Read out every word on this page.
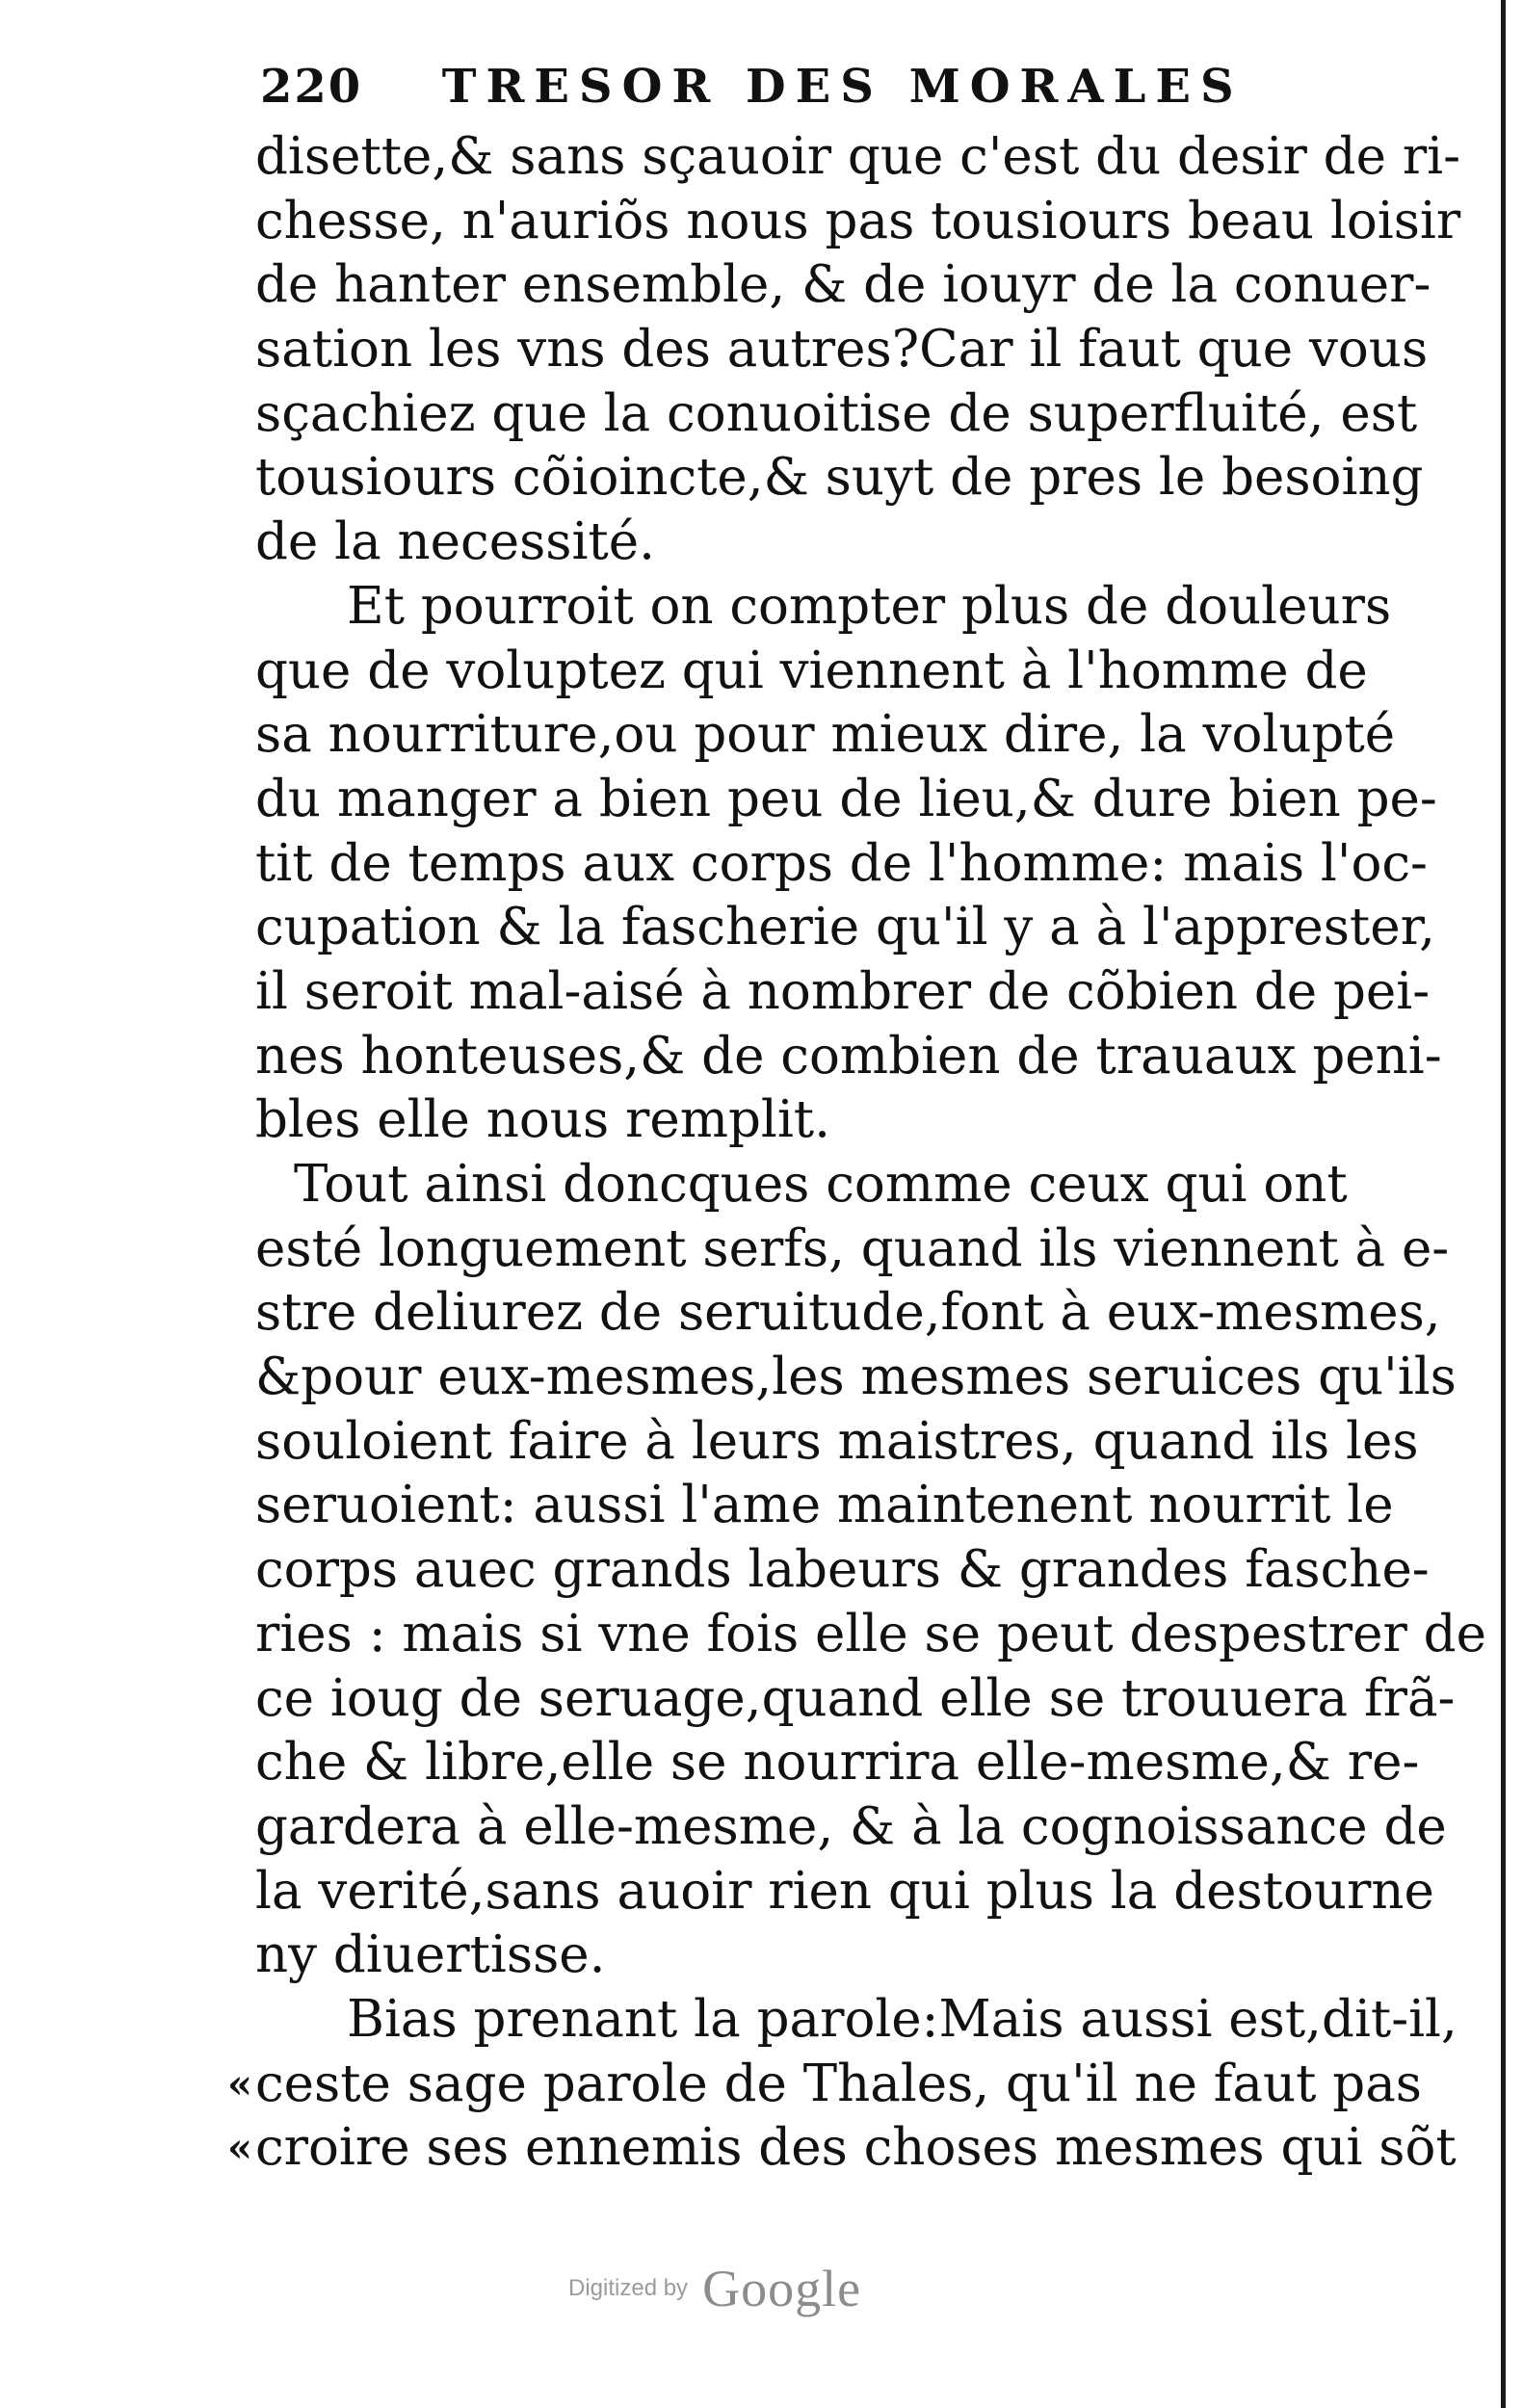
220 TRESOR DES MORALES
disette,& sans sçauoir que c'est du desir de ri-
chesse, n'auriõs nous pas tousiours beau loisir
de hanter ensemble, & de iouyr de la conuer-
sation les vns des autres?Car il faut que vous
sçachiez que la conuoitise de superfluité, est
tousiours cõioincte,& suyt de pres le besoing
de la necessité.
Et pourroit on compter plus de douleurs
que de voluptez qui viennent à l'homme de
sa nourriture,ou pour mieux dire, la volupté
du manger a bien peu de lieu,& dure bien pe-
tit de temps aux corps de l'homme: mais l'oc-
cupation & la fascherie qu'il y a à l'apprester,
il seroit mal-aisé à nombrer de cõbien de pei-
nes honteuses,& de combien de trauaux peni-
bles elle nous remplit.
Tout ainsi doncques comme ceux qui ont
esté longuement serfs, quand ils viennent à e-
stre deliurez de seruitude,font à eux-mesmes,
&pour eux-mesmes,les mesmes seruices qu'ils
souloient faire à leurs maistres, quand ils les
seruoient: aussi l'ame maintenent nourrit le
corps auec grands labeurs & grandes fasche-
ries : mais si vne fois elle se peut despestrer de
ce ioug de seruage,quand elle se trouuera frã-
che & libre,elle se nourrira elle-mesme,& re-
gardera à elle-mesme, & à la cognoissance de
la verité,sans auoir rien qui plus la destourne
ny diuertisse.
Bias prenant la parole:Mais aussi est,dit-il,
« ceste sage parole de Thales, qu'il ne faut pas
« croire ses ennemis des choses mesmes qui sõt
Digitized by Google
